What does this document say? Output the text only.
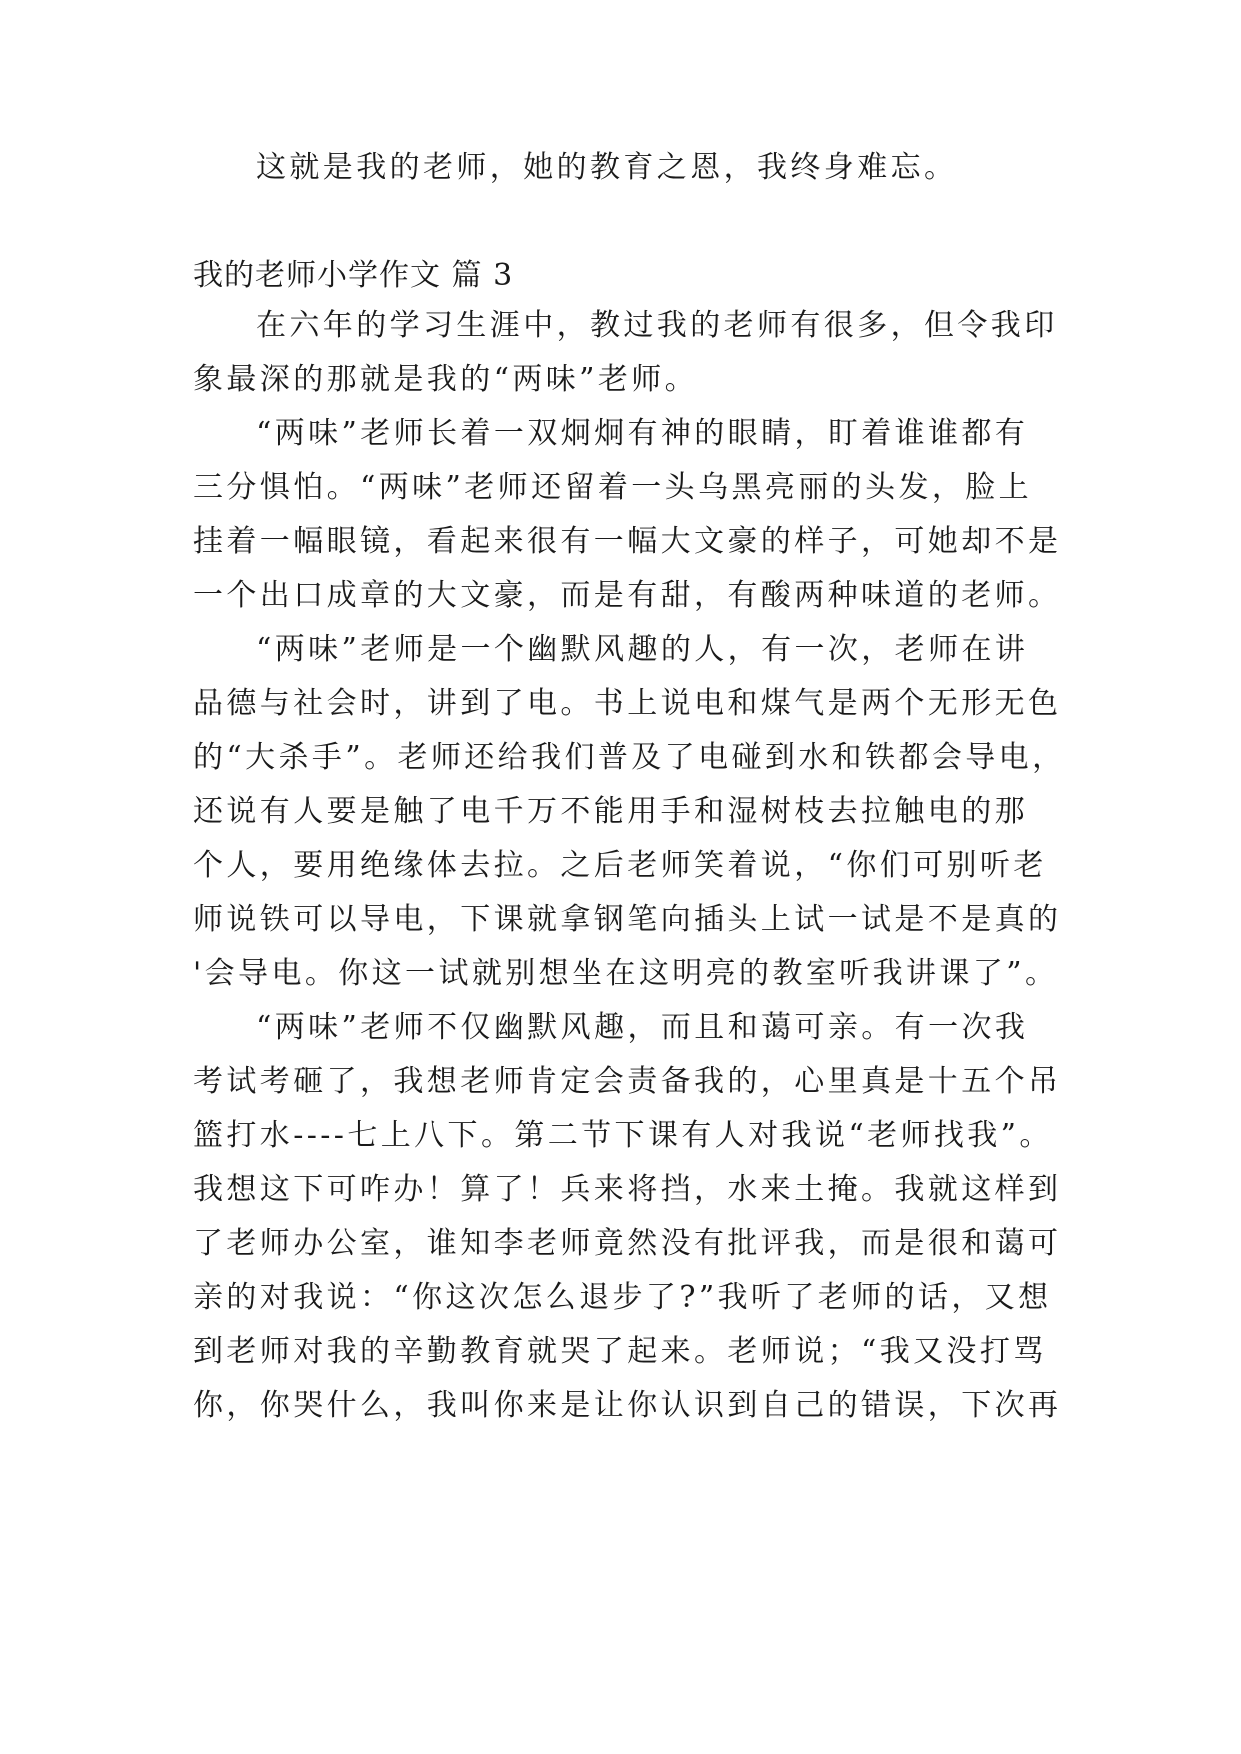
这就是我的老师，她的教育之恩，我终身难忘。
我的老师小学作文 篇 3
在六年的学习生涯中，教过我的老师有很多，但令我印
象最深的那就是我的“两味”老师。
“两味”老师长着一双炯炯有神的眼睛，盯着谁谁都有
三分惧怕。“两味”老师还留着一头乌黑亮丽的头发，脸上
挂着一幅眼镜，看起来很有一幅大文豪的样子，可她却不是
一个出口成章的大文豪，而是有甜，有酸两种味道的老师。
“两味”老师是一个幽默风趣的人，有一次，老师在讲
品德与社会时，讲到了电。书上说电和煤气是两个无形无色
的“大杀手”。老师还给我们普及了电碰到水和铁都会导电，
还说有人要是触了电千万不能用手和湿树枝去拉触电的那
个人，要用绝缘体去拉。之后老师笑着说，“你们可别听老
师说铁可以导电，下课就拿钢笔向插头上试一试是不是真的
'会导电。你这一试就别想坐在这明亮的教室听我讲课了”。
“两味”老师不仅幽默风趣，而且和蔼可亲。有一次我
考试考砸了，我想老师肯定会责备我的，心里真是十五个吊
篮打水----七上八下。第二节下课有人对我说“老师找我”。
我想这下可咋办！算了！兵来将挡，水来土掩。我就这样到
了老师办公室，谁知李老师竟然没有批评我，而是很和蔼可
亲的对我说：“你这次怎么退步了?”我听了老师的话，又想
到老师对我的辛勤教育就哭了起来。老师说；“我又没打骂
你，你哭什么，我叫你来是让你认识到自己的错误，下次再
